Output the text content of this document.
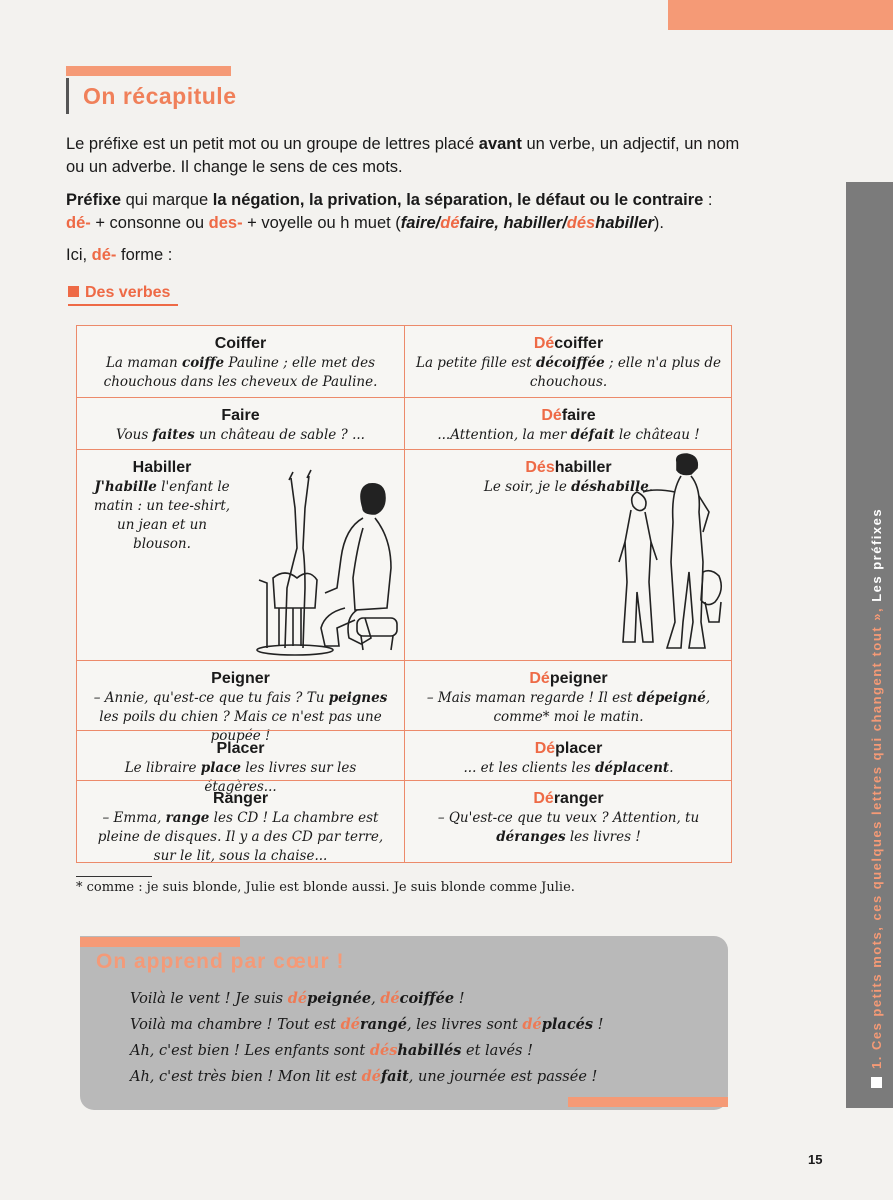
On récapitule
Le préfixe est un petit mot ou un groupe de lettres placé avant un verbe, un adjectif, un nom ou un adverbe. Il change le sens de ces mots.
Préfixe qui marque la négation, la privation, la séparation, le défaut ou le contraire :
dé- + consonne ou des- + voyelle ou h muet (faire/défaire, habiller/déshabiller).
Ici, dé- forme :
Des verbes
Coiffer
La maman coiffe Pauline ; elle met des chouchous dans les cheveux de Pauline.
Décoiffer
La petite fille est décoiffée ; elle n'a plus de chouchous.
Faire
Vous faites un château de sable ? ...
Défaire
...Attention, la mer défait le château !
Habiller
J'habille l'enfant le matin : un tee-shirt, un jean et un blouson.
Déshabiller
Le soir, je le déshabille.
Peigner
– Annie, qu'est-ce que tu fais ? Tu peignes les poils du chien ? Mais ce n'est pas une poupée !
Dépeigner
– Mais maman regarde ! Il est dépeigné, comme* moi le matin.
Placer
Le libraire place les livres sur les étagères...
Déplacer
... et les clients les déplacent.
Ranger
– Emma, range les CD ! La chambre est pleine de disques. Il y a des CD par terre, sur le lit, sous la chaise...
Déranger
– Qu'est-ce que tu veux ? Attention, tu déranges les livres !
* comme : je suis blonde, Julie est blonde aussi. Je suis blonde comme Julie.
On apprend par cœur !
Voilà le vent ! Je suis dépeignée, décoiffée !
Voilà ma chambre ! Tout est dérangé, les livres sont déplacés !
Ah, c'est bien ! Les enfants sont déshabillés et lavés !
Ah, c'est très bien ! Mon lit est défait, une journée est passée !
1. Ces petits mots, ces quelques lettres qui changent tout », Les préfixes
15
